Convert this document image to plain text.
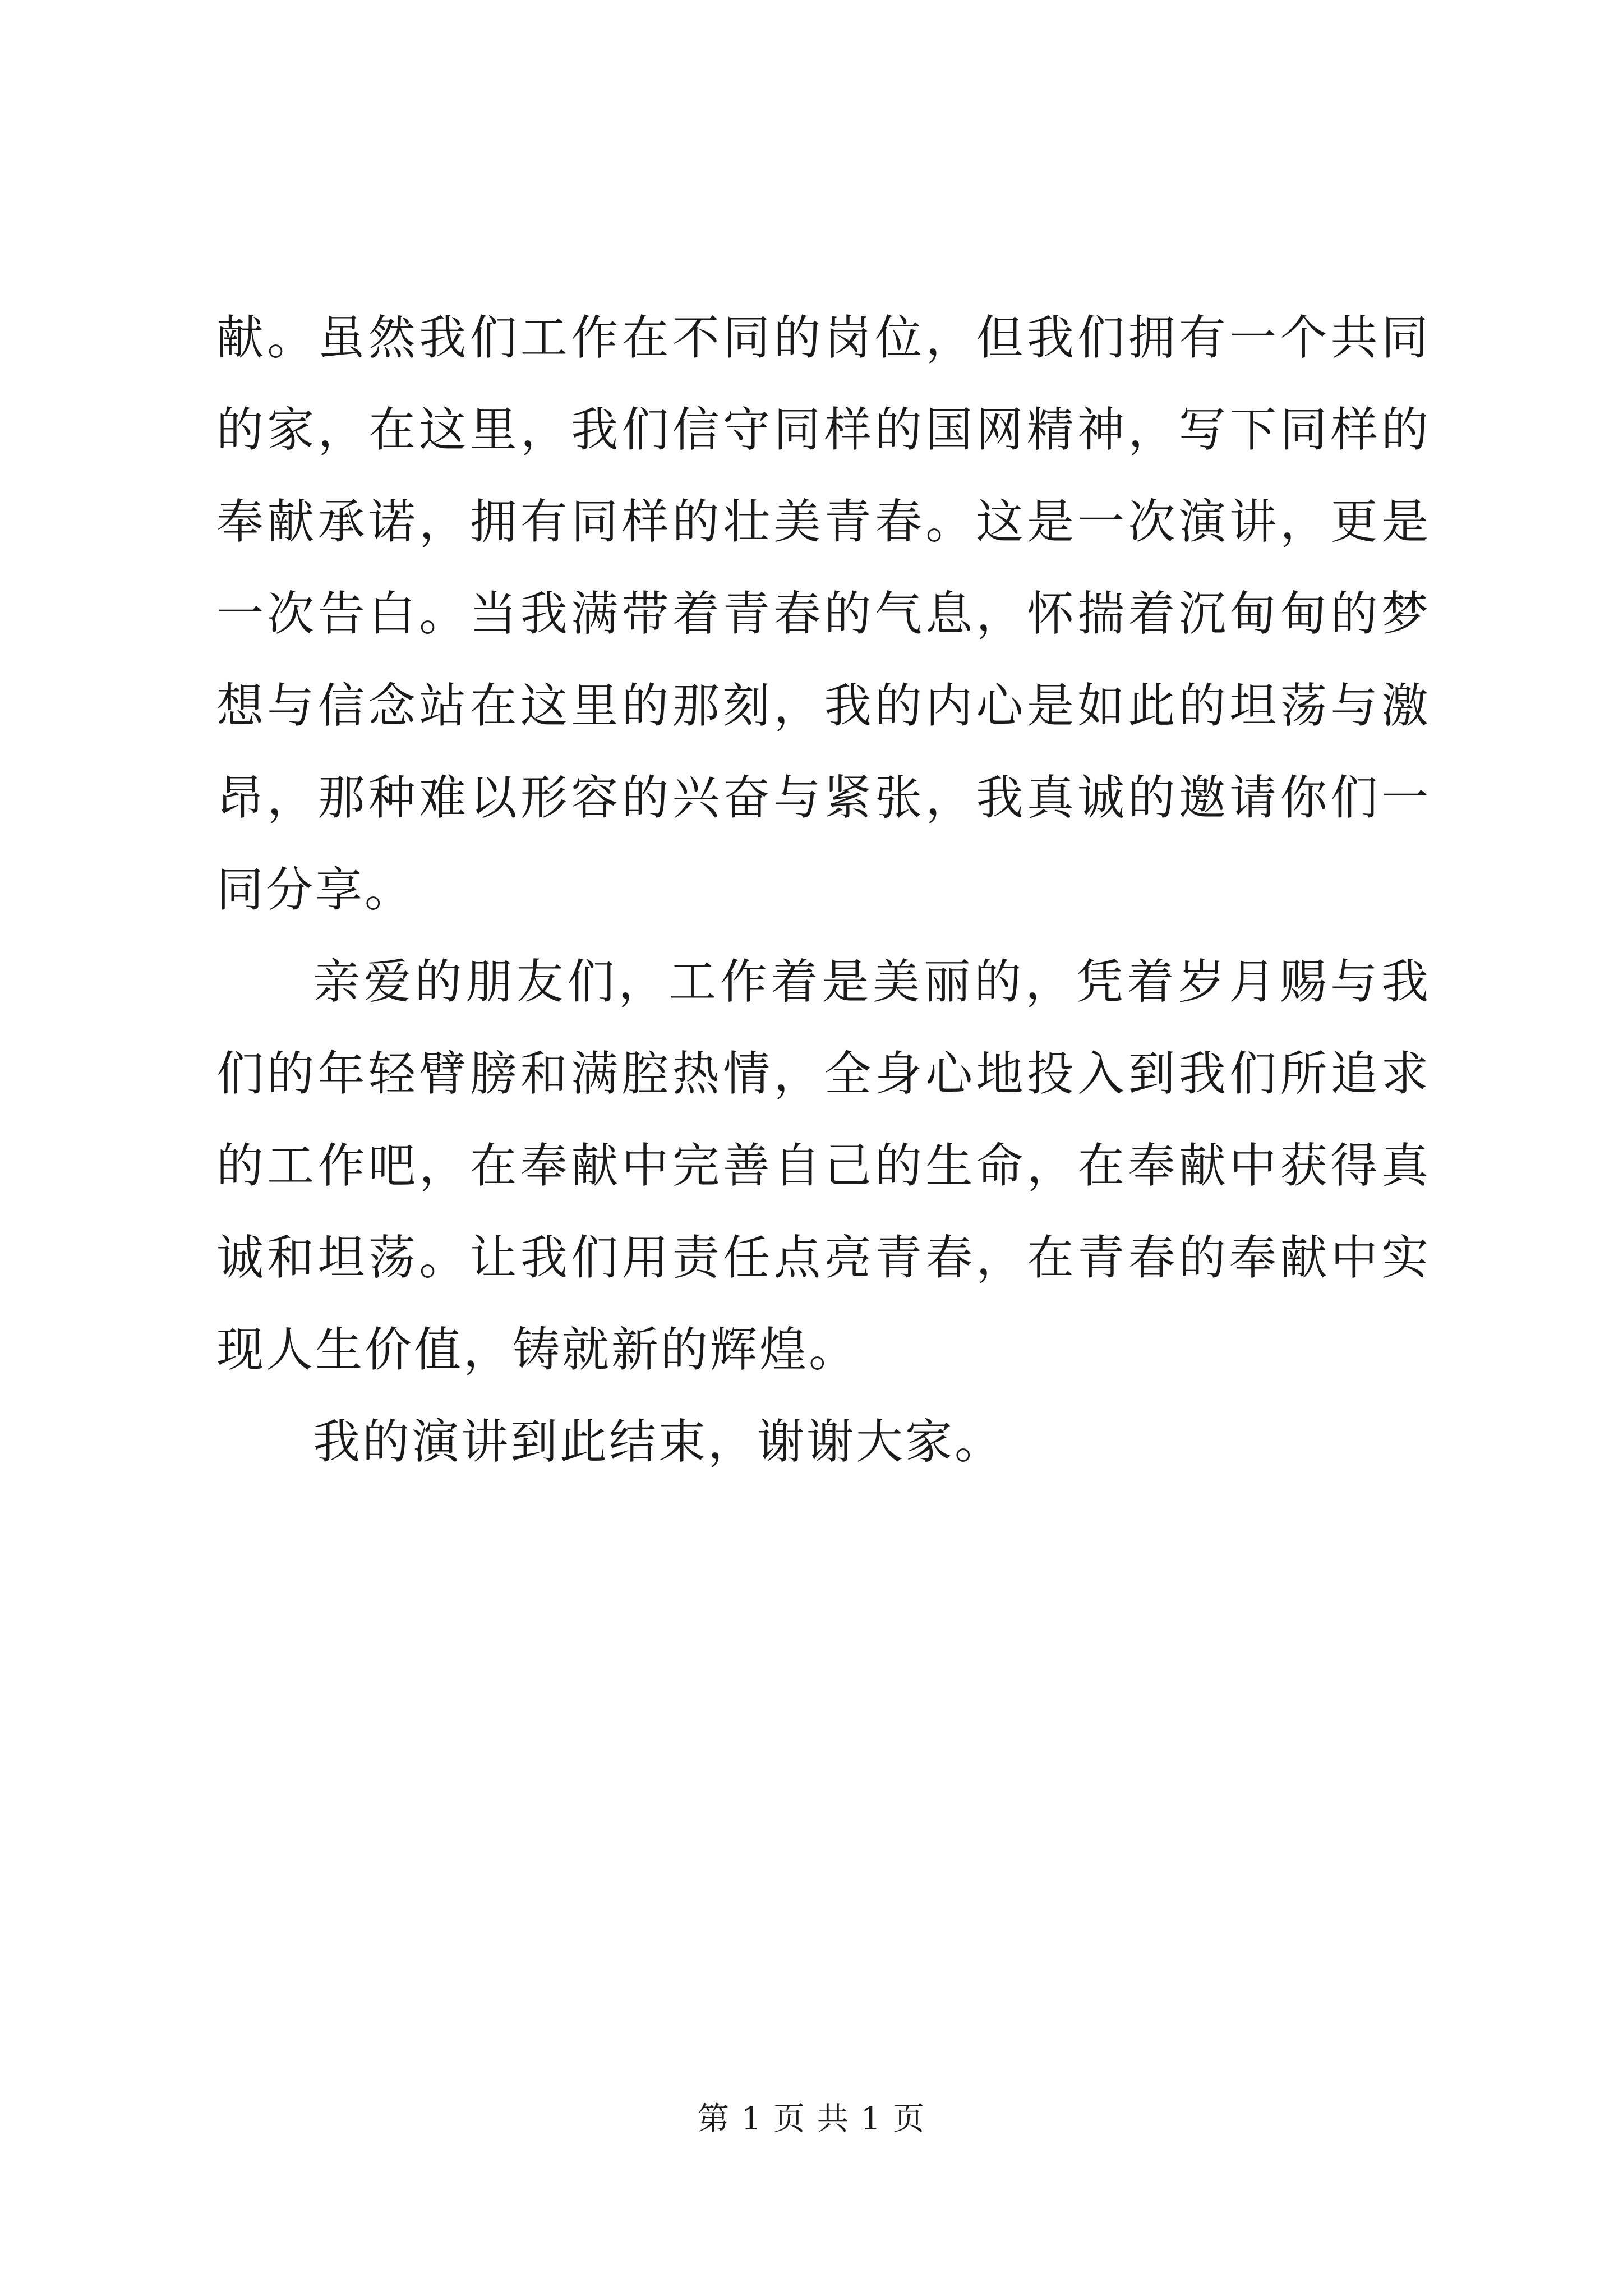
献。虽然我们工作在不同的岗位，但我们拥有一个共同的家，在这里，我们信守同样的国网精神，写下同样的奉献承诺，拥有同样的壮美青春。这是一次演讲，更是一次告白。当我满带着青春的气息，怀揣着沉甸甸的梦想与信念站在这里的那刻，我的内心是如此的坦荡与激昂，那种难以形容的兴奋与紧张，我真诚的邀请你们一同分享。

亲爱的朋友们，工作着是美丽的，凭着岁月赐与我们的年轻臂膀和满腔热情，全身心地投入到我们所追求的工作吧，在奉献中完善自己的生命，在奉献中获得真诚和坦荡。让我们用责任点亮青春，在青春的奉献中实现人生价值，铸就新的辉煌。

我的演讲到此结束，谢谢大家。

第 1 页 共 1 页
